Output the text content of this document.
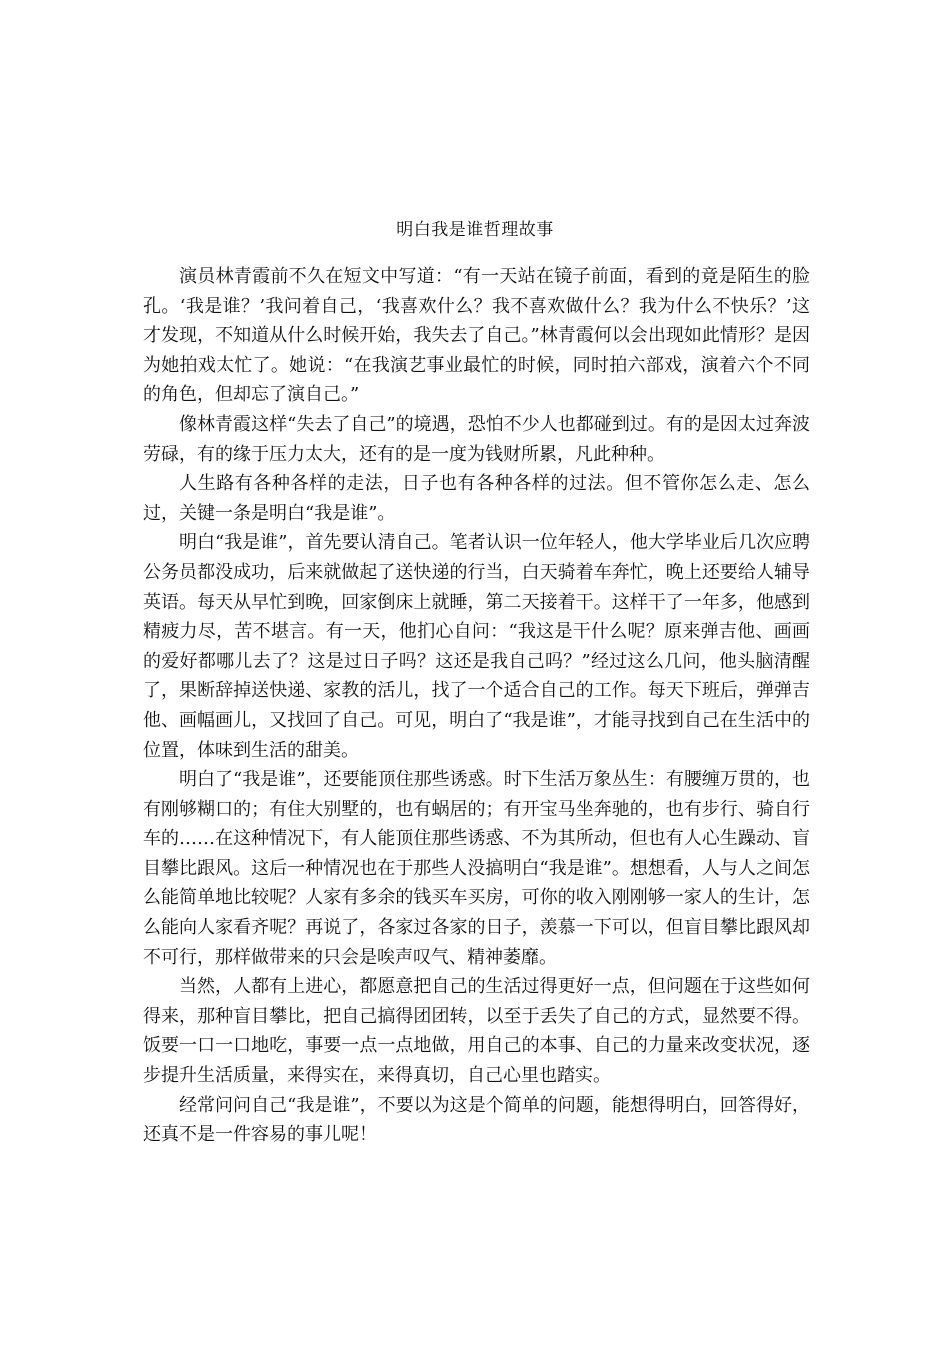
明白我是谁哲理故事

演员林青霞前不久在短文中写道：“有一天站在镜子前面，看到的竟是陌生的脸孔。‘我是谁？’我问着自己，‘我喜欢什么？我不喜欢做什么？我为什么不快乐？’这才发现，不知道从什么时候开始，我失去了自己。”林青霞何以会出现如此情形？是因为她拍戏太忙了。她说：“在我演艺事业最忙的时候，同时拍六部戏，演着六个不同的角色，但却忘了演自己。”

像林青霞这样“失去了自己”的境遇，恐怕不少人也都碰到过。有的是因太过奔波劳碌，有的缘于压力太大，还有的是一度为钱财所累，凡此种种。

人生路有各种各样的走法，日子也有各种各样的过法。但不管你怎么走、怎么过，关键一条是明白“我是谁”。

明白“我是谁”，首先要认清自己。笔者认识一位年轻人，他大学毕业后几次应聘公务员都没成功，后来就做起了送快递的行当，白天骑着车奔忙，晚上还要给人辅导英语。每天从早忙到晚，回家倒床上就睡，第二天接着干。这样干了一年多，他感到精疲力尽，苦不堪言。有一天，他扪心自问：“我这是干什么呢？原来弹吉他、画画的爱好都哪儿去了？这是过日子吗？这还是我自己吗？”经过这么几问，他头脑清醒了，果断辞掉送快递、家教的活儿，找了一个适合自己的工作。每天下班后，弹弹吉他、画幅画儿，又找回了自己。可见，明白了“我是谁”，才能寻找到自己在生活中的位置，体味到生活的甜美。

明白了“我是谁”，还要能顶住那些诱惑。时下生活万象丛生：有腰缠万贯的，也有刚够糊口的；有住大别墅的，也有蜗居的；有开宝马坐奔驰的，也有步行、骑自行车的……在这种情况下，有人能顶住那些诱惑、不为其所动，但也有人心生躁动、盲目攀比跟风。这后一种情况也在于那些人没搞明白“我是谁”。想想看，人与人之间怎么能简单地比较呢？人家有多余的钱买车买房，可你的收入刚刚够一家人的生计，怎么能向人家看齐呢？再说了，各家过各家的日子，羡慕一下可以，但盲目攀比跟风却不可行，那样做带来的只会是唉声叹气、精神萎靡。

当然，人都有上进心，都愿意把自己的生活过得更好一点，但问题在于这些如何得来，那种盲目攀比，把自己搞得团团转，以至于丢失了自己的方式，显然要不得。饭要一口一口地吃，事要一点一点地做，用自己的本事、自己的力量来改变状况，逐步提升生活质量，来得实在，来得真切，自己心里也踏实。

经常问问自己“我是谁”，不要以为这是个简单的问题，能想得明白，回答得好，还真不是一件容易的事儿呢！
